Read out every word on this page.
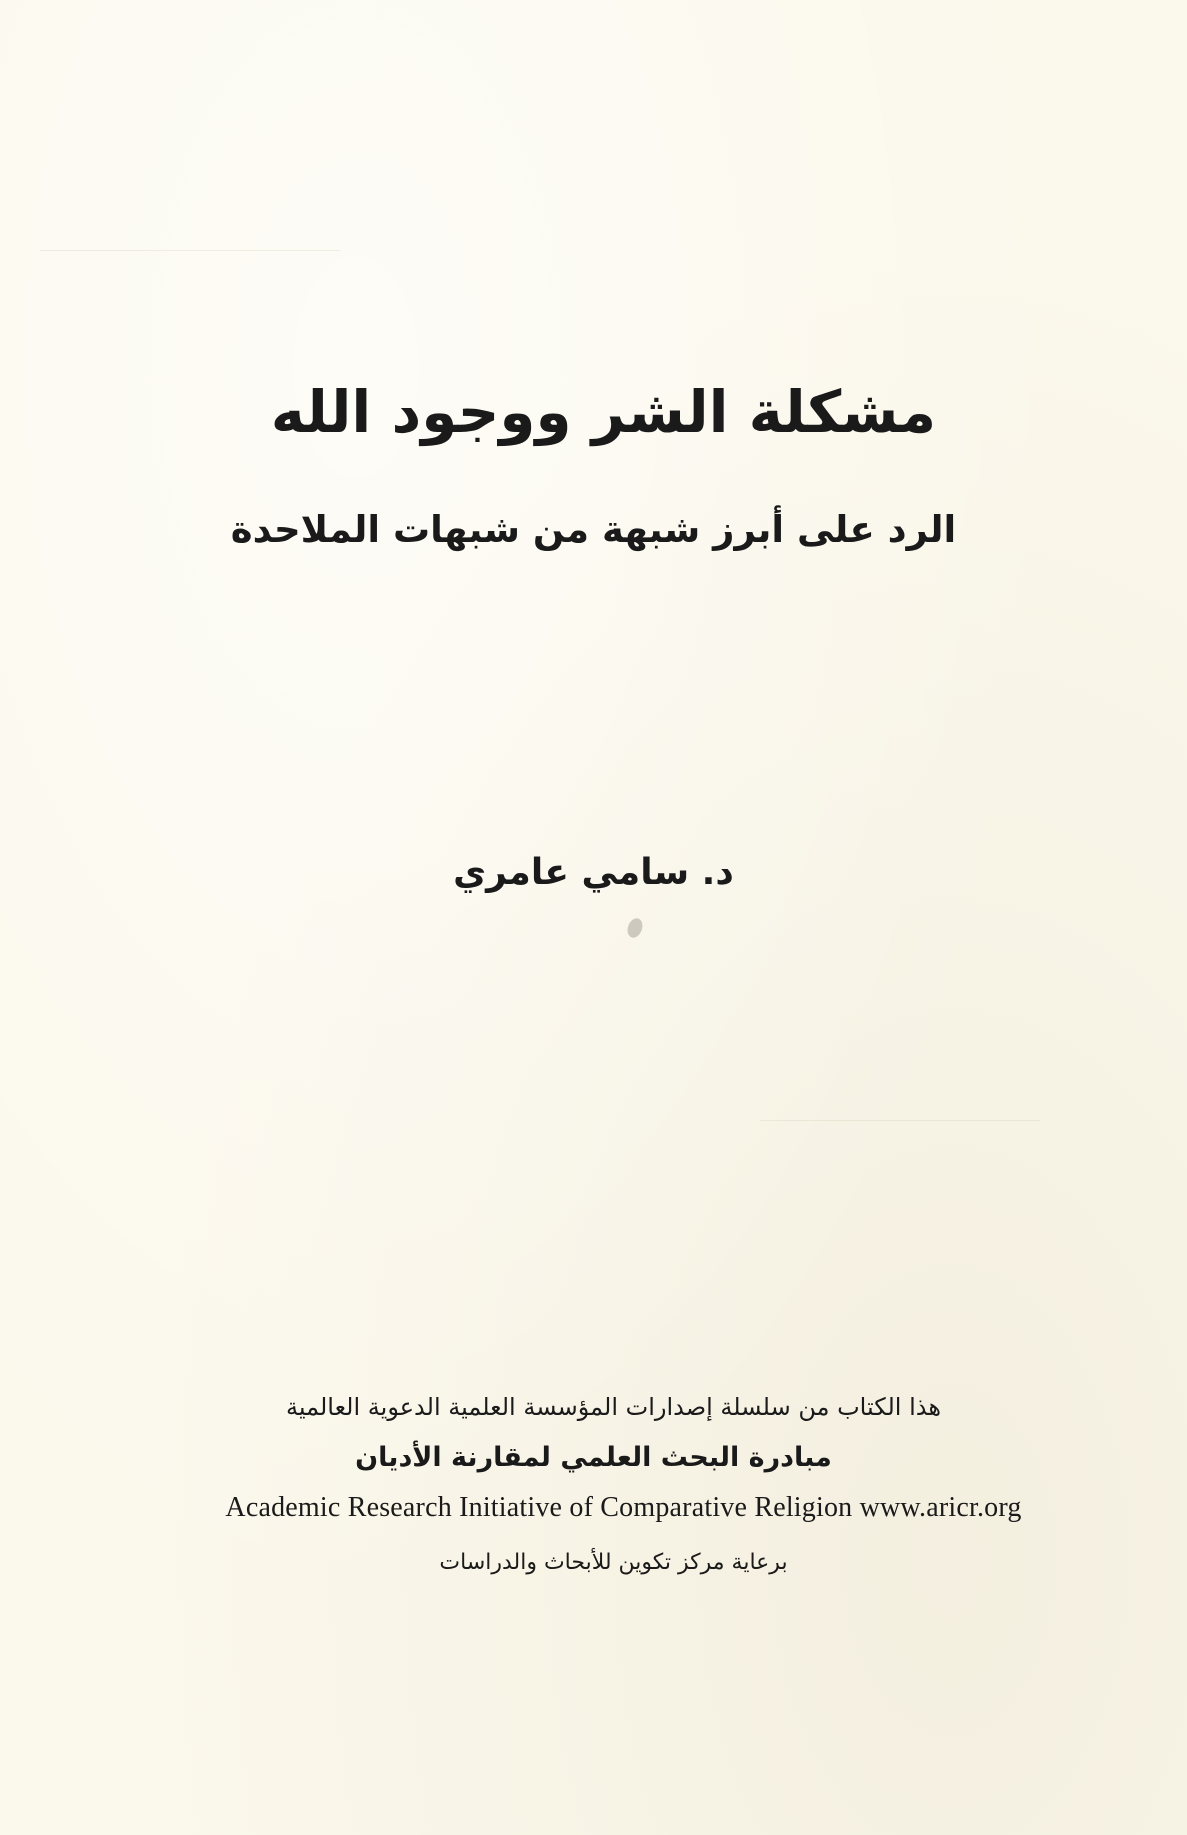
مشكلة الشر ووجود الله
الرد على أبرز شبهة من شبهات الملاحدة
د. سامي عامري
هذا الكتاب من سلسلة إصدارات المؤسسة العلمية الدعوية العالمية
مبادرة البحث العلمي لمقارنة الأديان
Academic Research Initiative of Comparative Religion www.aricr.org
برعاية مركز تكوين للأبحاث والدراسات
